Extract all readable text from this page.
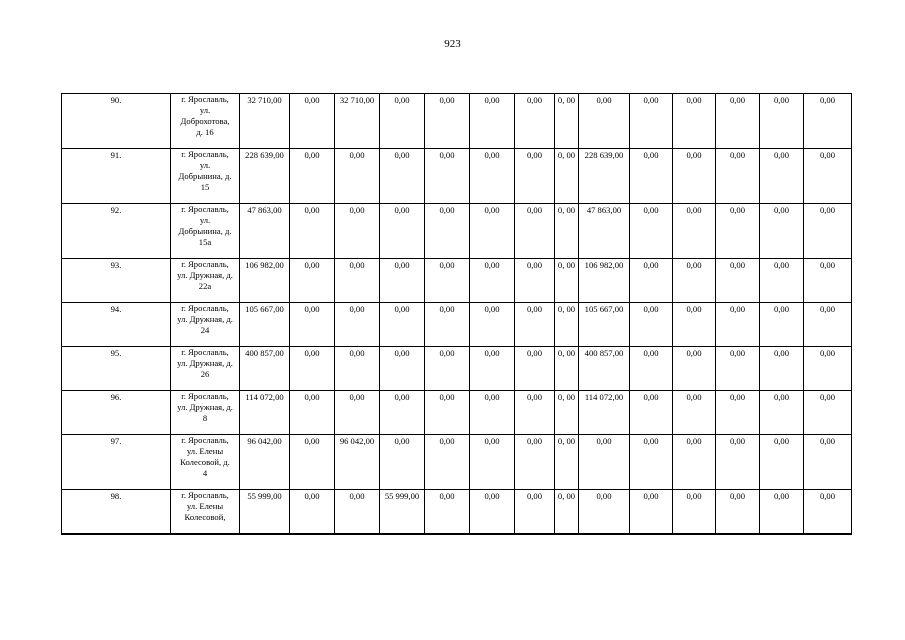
923
90.	г. Ярославль, ул. Доброхотова, д. 16	32 710,00	0,00	32 710,00	0,00	0,00	0,00	0,00	0, 00	0,00	0,00	0,00	0,00	0,00	0,00
91.	г. Ярославль, ул. Добрынина, д. 15	228 639,00	0,00	0,00	0,00	0,00	0,00	0,00	0, 00	228 639,00	0,00	0,00	0,00	0,00	0,00
92.	г. Ярославль, ул. Добрынина, д. 15а	47 863,00	0,00	0,00	0,00	0,00	0,00	0,00	0, 00	47 863,00	0,00	0,00	0,00	0,00	0,00
93.	г. Ярославль, ул. Дружная, д. 22а	106 982,00	0,00	0,00	0,00	0,00	0,00	0,00	0, 00	106 982,00	0,00	0,00	0,00	0,00	0,00
94.	г. Ярославль, ул. Дружная, д. 24	105 667,00	0,00	0,00	0,00	0,00	0,00	0,00	0, 00	105 667,00	0,00	0,00	0,00	0,00	0,00
95.	г. Ярославль, ул. Дружная, д. 26	400 857,00	0,00	0,00	0,00	0,00	0,00	0,00	0, 00	400 857,00	0,00	0,00	0,00	0,00	0,00
96.	г. Ярославль, ул. Дружная, д. 8	114 072,00	0,00	0,00	0,00	0,00	0,00	0,00	0, 00	114 072,00	0,00	0,00	0,00	0,00	0,00
97.	г. Ярославль, ул. Елены Колесовой, д. 4	96 042,00	0,00	96 042,00	0,00	0,00	0,00	0,00	0, 00	0,00	0,00	0,00	0,00	0,00	0,00
98.	г. Ярославль, ул. Елены Колесовой,	55 999,00	0,00	0,00	55 999,00	0,00	0,00	0,00	0, 00	0,00	0,00	0,00	0,00	0,00	0,00
